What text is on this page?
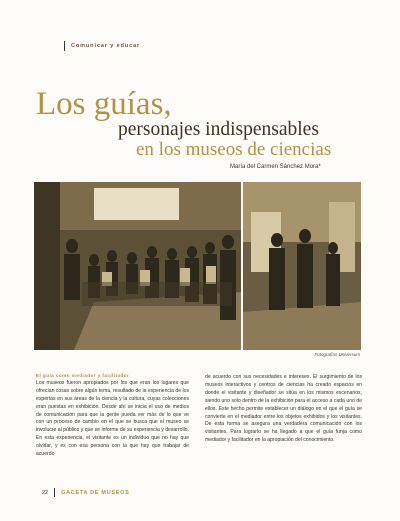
Comunicar y educar
Los guías,
personajes indispensables
en los museos de ciencias
María del Carmen Sánchez Mora*
Fotografías Universum
El guía como mediador y facilitador
Los museos fueron apropiados por los que eran los lugares que ofrecían cosas sobre algún tema, resultado de la experiencia de los expertas en sus áreas de la ciencia y la cultura, cuyas colecciones eran puestas en exhibición. Desde ahí se inicia el uso de medios de comunicación para que la gente pueda ver más de lo que ve con un proceso de cambio en el que se busca que el museo se involucre al público y que se informe de su experiencia y desarrollo. En esta experiencia, el visitante es un individuo que no hay que olvidar, y es con esa persona con la que hay que trabajar de acuerdo
de acuerdo con sus necesidades e intereses. El surgimiento de los museos interactivos y centros de ciencias ha creado espacios en donde el visitante y diseñador se sitúa en los mismos escenarios, siendo uno solo dentro de la exhibición para el acceso a cada uno de ellos. Este hecho permite establecer un diálogo en el que el guía se convierte en el mediador entre los objetos exhibidos y los visitantes. De esta forma se asegura una verdadera comunicación con los visitantes. Para lograrlo se ha llegado a que el guía funja como mediador y facilitador en la apropiación del conocimiento.
22 GACETA DE MUSEOS
